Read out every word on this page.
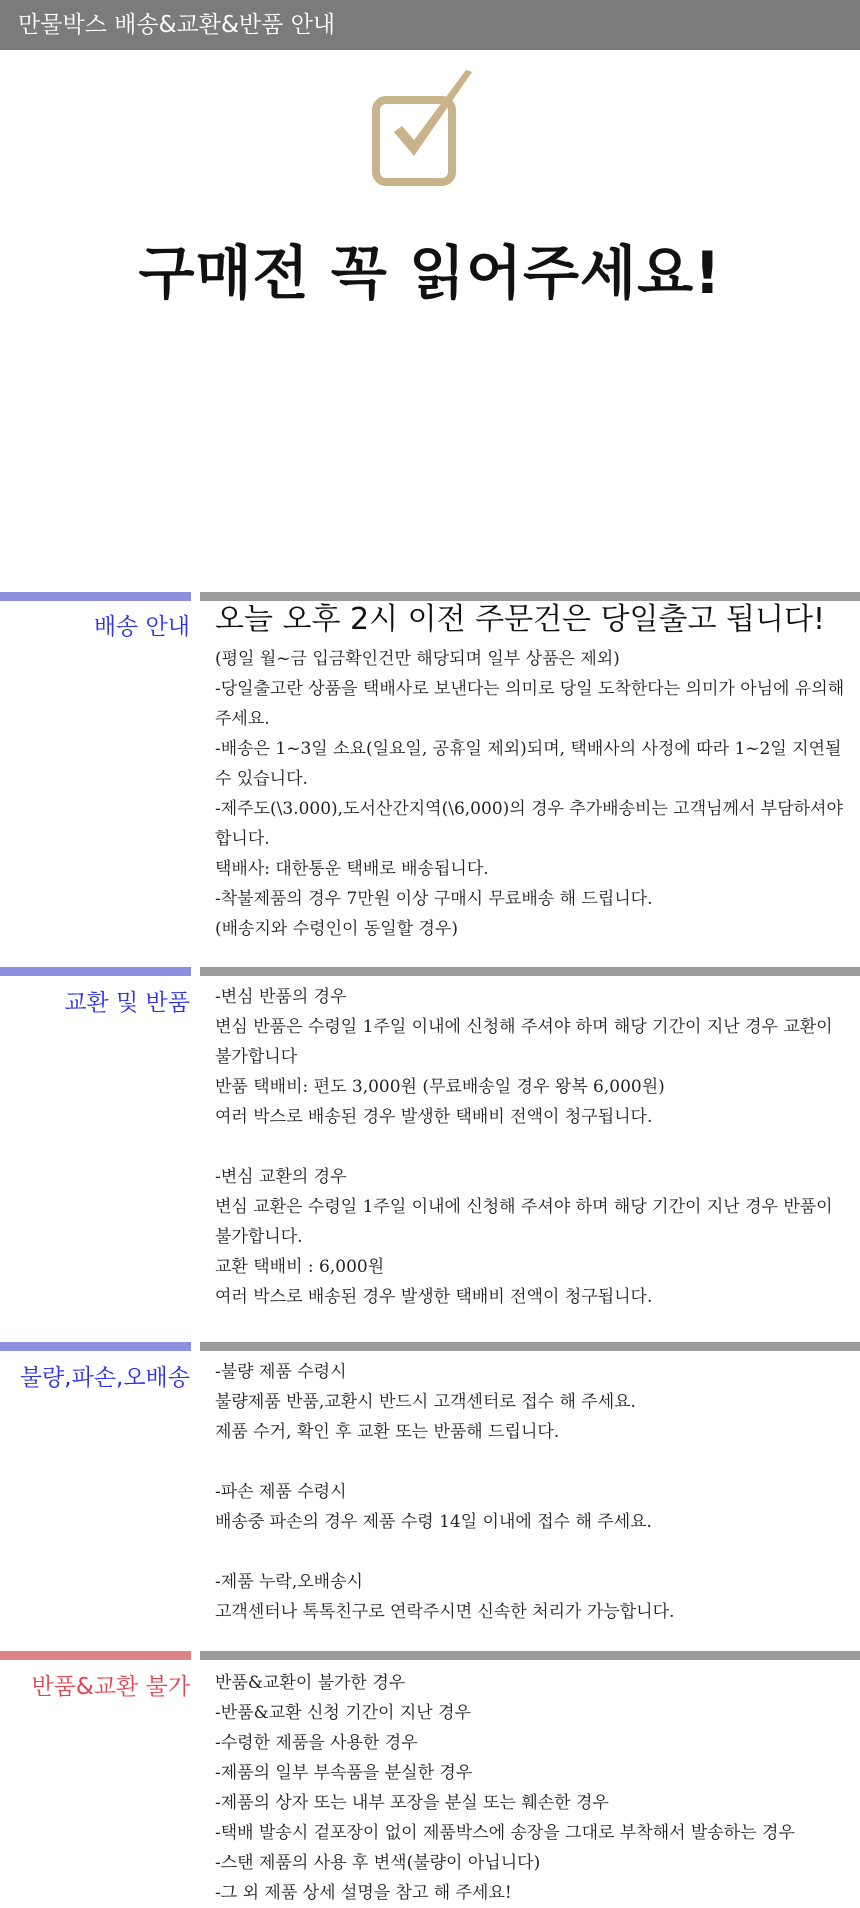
만물박스 배송&교환&반품 안내
구매전 꼭 읽어주세요!
배송 안내 오늘 오후 2시 이전 주문건은 당일출고 됩니다!
(평일 월~금 입금확인건만 해당되며 일부 상품은 제외)
-당일출고란 상품을 택배사로 보낸다는 의미로 당일 도착한다는 의미가 아님에 유의해
주세요.
-배송은 1~3일 소요(일요일, 공휴일 제외)되며, 택배사의 사정에 따라 1~2일 지연될
수 있습니다.
-제주도(\3.000),도서산간지역(\6,000)의 경우 추가배송비는 고객님께서 부담하셔야
합니다.
택배사: 대한통운 택배로 배송됩니다.
-착불제품의 경우 7만원 이상 구매시 무료배송 해 드립니다.
(배송지와 수령인이 동일할 경우)
교환 및 반품 -변심 반품의 경우
변심 반품은 수령일 1주일 이내에 신청해 주셔야 하며 해당 기간이 지난 경우 교환이
불가합니다
반품 택배비: 편도 3,000원 (무료배송일 경우 왕복 6,000원)
여러 박스로 배송된 경우 발생한 택배비 전액이 청구됩니다.
-변심 교환의 경우
변심 교환은 수령일 1주일 이내에 신청해 주셔야 하며 해당 기간이 지난 경우 반품이
불가합니다.
교환 택배비 : 6,000원
여러 박스로 배송된 경우 발생한 택배비 전액이 청구됩니다.
불량,파손,오배송 -불량 제품 수령시
불량제품 반품,교환시 반드시 고객센터로 접수 해 주세요.
제품 수거, 확인 후 교환 또는 반품해 드립니다.
-파손 제품 수령시
배송중 파손의 경우 제품 수령 14일 이내에 접수 해 주세요.
-제품 누락,오배송시
고객센터나 톡톡친구로 연락주시면 신속한 처리가 가능합니다.
반품&교환 불가 반품&교환이 불가한 경우
-반품&교환 신청 기간이 지난 경우
-수령한 제품을 사용한 경우
-제품의 일부 부속품을 분실한 경우
-제품의 상자 또는 내부 포장을 분실 또는 훼손한 경우
-택배 발송시 겉포장이 없이 제품박스에 송장을 그대로 부착해서 발송하는 경우
-스탠 제품의 사용 후 변색(불량이 아닙니다)
-그 외 제품 상세 설명을 참고 해 주세요!
